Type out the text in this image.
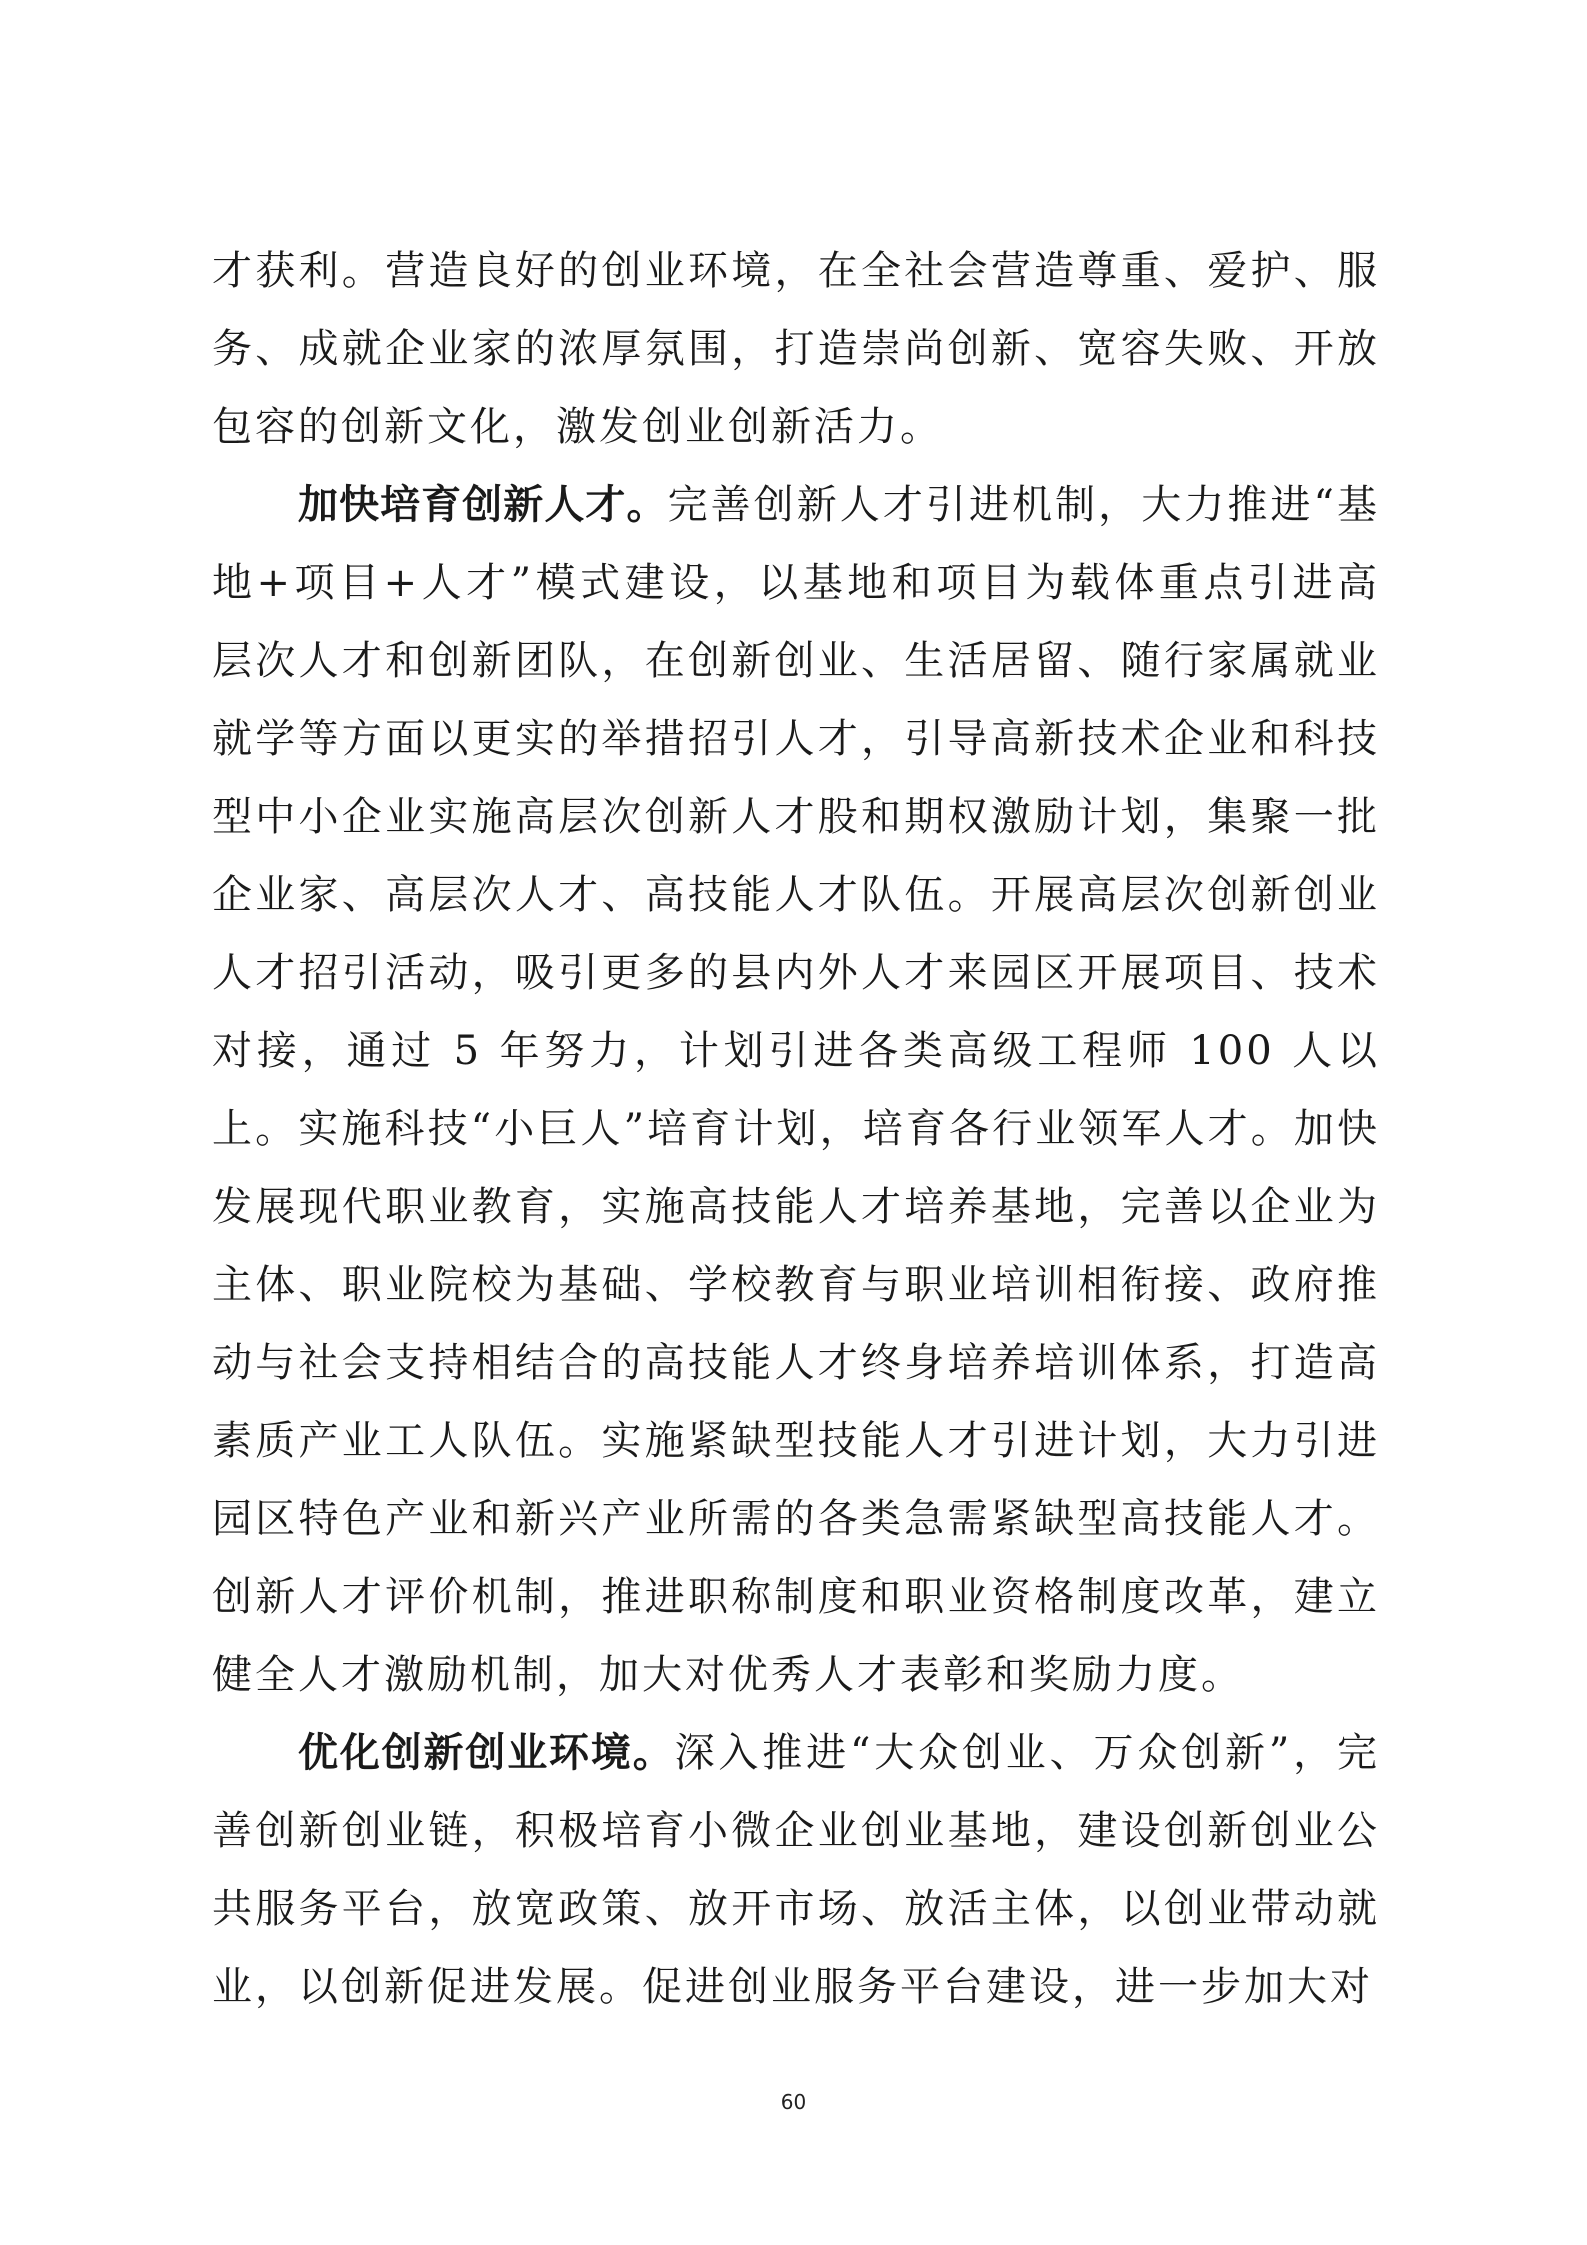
才获利。营造良好的创业环境，在全社会营造尊重、爱护、服务、成就企业家的浓厚氛围，打造崇尚创新、宽容失败、开放包容的创新文化，激发创业创新活力。

加快培育创新人才。完善创新人才引进机制，大力推进“基地+项目+人才”模式建设，以基地和项目为载体重点引进高层次人才和创新团队，在创新创业、生活居留、随行家属就业就学等方面以更实的举措招引人才，引导高新技术企业和科技型中小企业实施高层次创新人才股和期权激励计划，集聚一批企业家、高层次人才、高技能人才队伍。开展高层次创新创业人才招引活动，吸引更多的县内外人才来园区开展项目、技术对接，通过 5 年努力，计划引进各类高级工程师 100 人以上。实施科技“小巨人”培育计划，培育各行业领军人才。加快发展现代职业教育，实施高技能人才培养基地，完善以企业为主体、职业院校为基础、学校教育与职业培训相衔接、政府推动与社会支持相结合的高技能人才终身培养培训体系，打造高素质产业工人队伍。实施紧缺型技能人才引进计划，大力引进园区特色产业和新兴产业所需的各类急需紧缺型高技能人才。创新人才评价机制，推进职称制度和职业资格制度改革，建立健全人才激励机制，加大对优秀人才表彰和奖励力度。

优化创新创业环境。深入推进“大众创业、万众创新”，完善创新创业链，积极培育小微企业创业基地，建设创新创业公共服务平台，放宽政策、放开市场、放活主体，以创业带动就业，以创新促进发展。促进创业服务平台建设，进一步加大对

60
